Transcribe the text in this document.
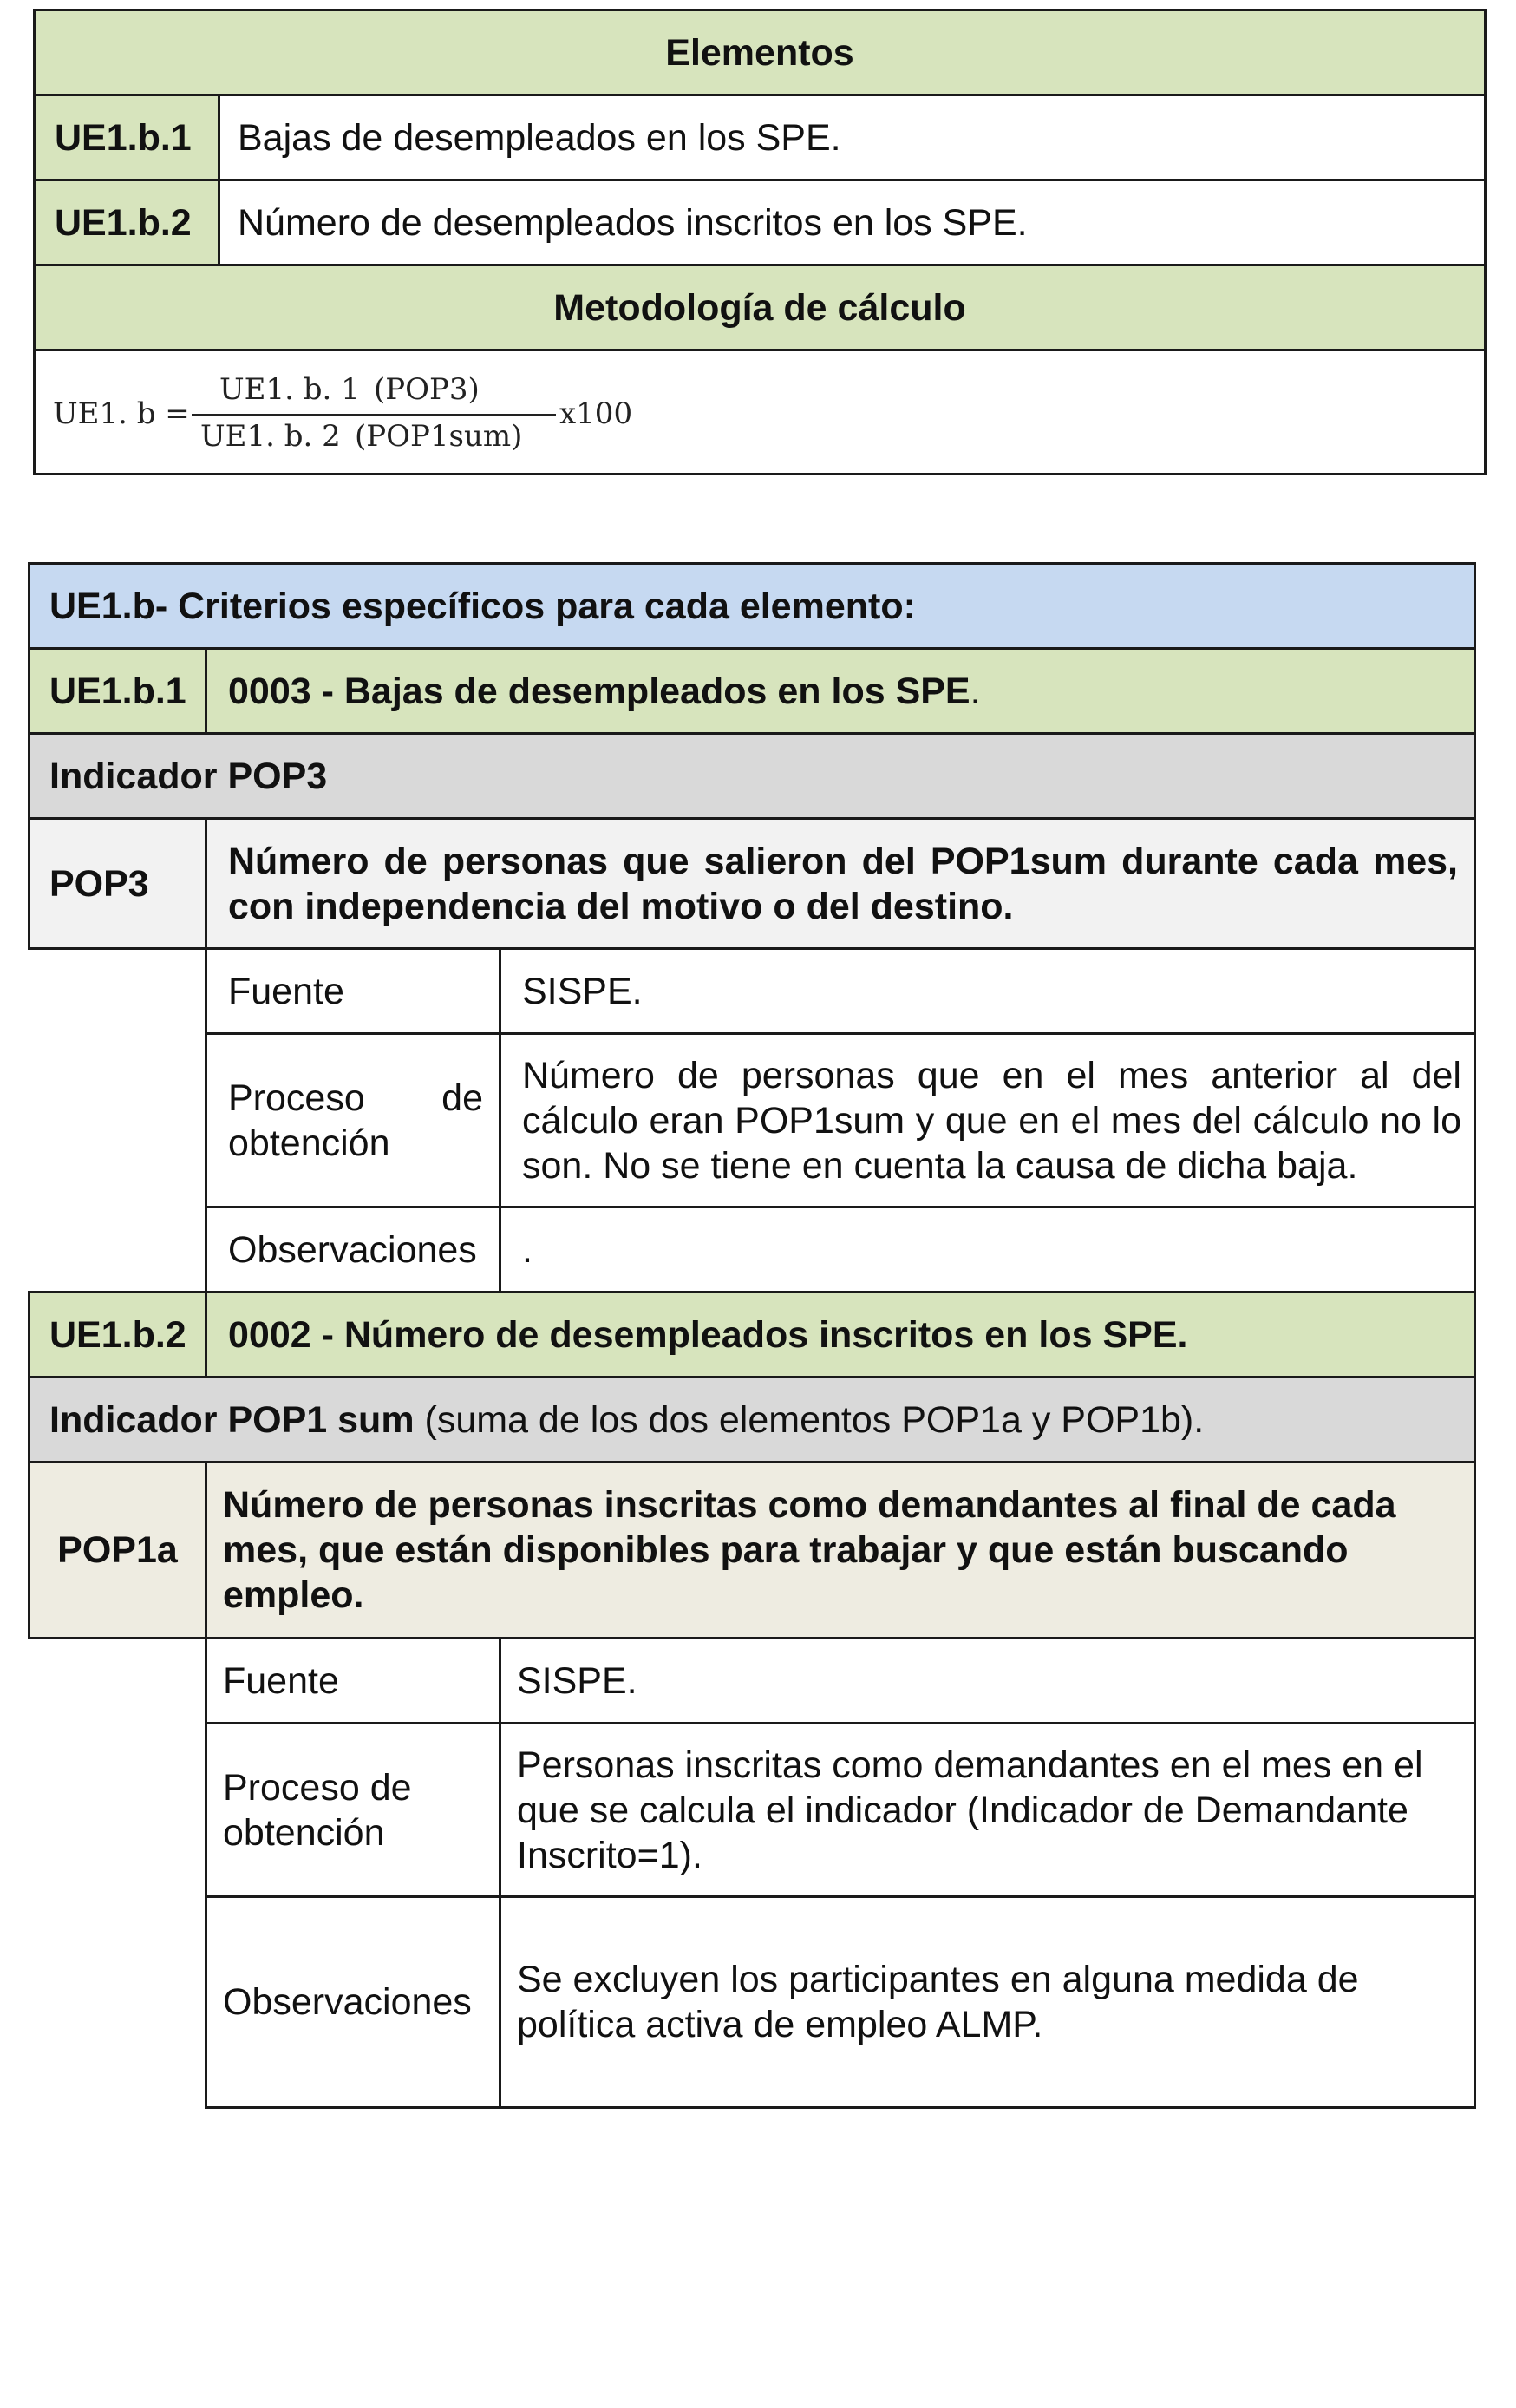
Elementos
UE1.b.1 Bajas de desempleados en los SPE.
UE1.b.2 Número de desempleados inscritos en los SPE.
Metodología de cálculo
UE1. b =
UE1. b. 1 (POP3)
UE1. b. 2 (POP1sum)
x100
UE1.b- Criterios específicos para cada elemento:
UE1.b.1 0003 - Bajas de desempleados en los SPE .
Indicador POP3
POP3
Número de personas que salieron del POP1sum durante cada mes, con independencia del motivo o del destino.
Fuente	SISPE.
Proceso de obtención
Número de personas que en el mes anterior al del cálculo eran POP1sum y que en el mes del cálculo no lo son. No se tiene en cuenta la causa de dicha baja.
Observaciones .
UE1.b.2 0002 - Número de desempleados inscritos en los SPE.
Indicador POP1 sum (suma de los dos elementos POP1a y POP1b).
POP1a
Número de personas inscritas como demandantes al final de cada mes, que están disponibles para trabajar y que están buscando empleo.
Fuente	SISPE.
Proceso de obtención
Personas inscritas como demandantes en el mes en el que se calcula el indicador (Indicador de Demandante Inscrito=1).
Observaciones
Se excluyen los participantes en alguna medida de política activa de empleo ALMP.
